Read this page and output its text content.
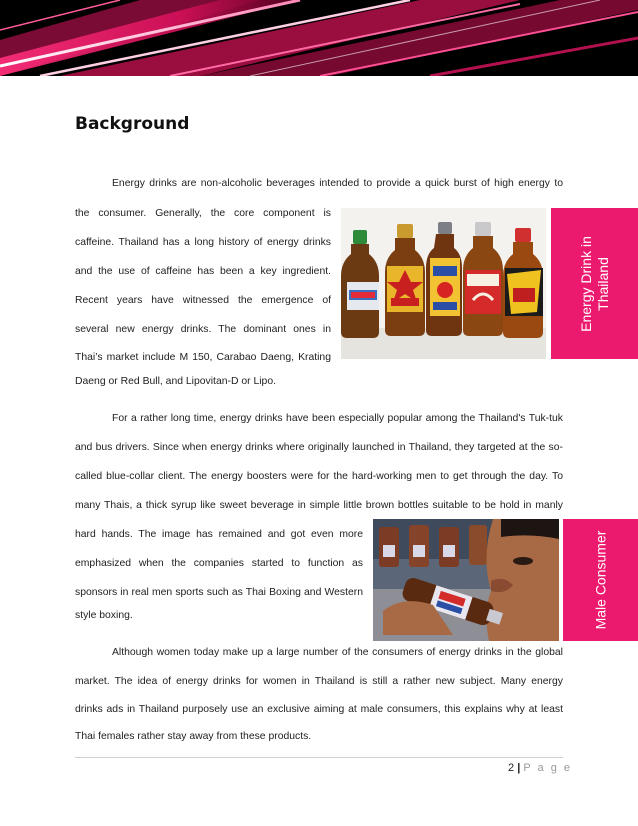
Background
Energy drinks are non-alcoholic beverages intended to provide a quick burst of high energy to
the consumer. Generally, the core component is
caffeine. Thailand has a long history of energy drinks
and the use of caffeine has been a key ingredient.
Recent years have witnessed the emergence of
several new energy drinks. The dominant ones in
Thai’s market include M 150, Carabao Daeng, Krating
Daeng or Red Bull, and Lipovitan-D or Lipo.
Energy Drink in Thailand
For a rather long time, energy drinks have been especially popular among the Thailand's Tuk-tuk
and bus drivers. Since when energy drinks where originally launched in Thailand, they targeted at the so-
called blue-collar client. The energy boosters were for the hard-working men to get through the day. To
many Thais, a thick syrup like sweet beverage in simple little brown bottles suitable to be hold in manly
hard hands. The image has remained and got even more
emphasized when the companies started to function as
sponsors in real men sports such as Thai Boxing and Western
style boxing.	Male Consumer
Although women today make up a large number of the consumers of energy drinks in the global
market. The idea of energy drinks for women in Thailand is still a rather new subject. Many energy
drinks ads in Thailand purposely use an exclusive aiming at male consumers, this explains why at least
Thai females rather stay away from these products.
2 | P a g e
